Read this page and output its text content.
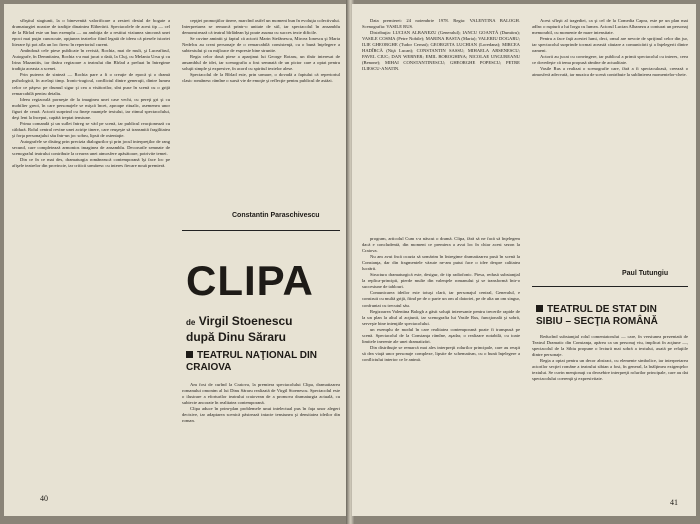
sfîrşitul stagiunii, la o binevenită valorificare a zestrei destul de bogate a dramaturgiei noastre de tradiţie dinaintea Eliberării. Spectacolele de acest tip — cel de la Bîrlad este un bun exemplu — au ambiţia de a restitui viziunea sincronă unei epoci mai puţin cunoscute, opţiunea teatrelor fiind legată de ideea că piesele istoriei literare îşi pot afla un loc firesc în repertoriul curent.

Amîndouă cele piese publicate în revistă, Rochia, mai de mult, şi Luceafărul, Autografe, în Demnitatea, Rochia s-a mai jucat o dată, la Cluj, cu Melania Ursu şi cu Irina Mazanitis, iar tînăra regizoare a teatrului din Bîrlad a preluat în întregime tradiţia aceasta a scenei.

Prin puterea de sinteză — Rochia pare a fi o creaţie de epocă şi o dramă psihologică, în acelaşi timp. Ironic-tragicul, conflictul dintre generaţii, dintre lumea celor ce păşesc pe drumul sigur şi cea a visătorilor, sînt puse în scenă cu o grijă remarcabilă pentru detaliu.

Ideea regizorală porneşte de la imaginea unei case vechi, cu pereţi gri şi cu mobilier greoi, în care personajele se mişcă încet, aproape ritualic, asemenea unor figuri de ceară. Actorii surprind cu fineţe nuanţele textului, iar ritmul spectacolului, deşi lent la început, capătă treptat tensiune.

Prima comandă şi un suflet întreg se văd pe scenă, iar publicul reacţionează cu căldură. Rolul central revine unei actriţe tinere, care reuşeşte să transmită fragilitatea şi forţa personajului său într-un joc sobru, lipsit de ostentaţie.

Autografele se disting prin precizia dialogurilor şi prin jocul interpreţilor de rang secund, care completează armonios imaginea de ansamblu. Decorurile semnate de scenograful teatrului contribuie la crearea unei atmosfere apăsătoare, potrivite temei.

Din ce în ce mai des, dramaturgia românească contemporană îşi face loc pe afişele teatrelor din provincie, iar criticii urmăresc cu interes fiecare nouă premieră.

cepţiei promoţiilor tinere, marcînd astfel un moment bun în evoluţia colectivului. Interpretarea se remarcă printr-o unitate de stil, iar spectacolul în ansamblu demonstrează că teatrul bîrlădean îşi poate asuma cu succes texte dificile.

Se cuvine amintit şi faptul că actorii Marin Stefănescu, Mircea Ionescu şi Maria Nedelcu au creat personaje de o remarcabilă consistenţă, cu o bună înţelegere a subtextului şi cu mijloace de expresie bine strunite.

Regia celor două piese a aparţinut lui George Rotaru, un tînăr interesat de ansamblul de idei, iar scenografia a fost semnată de un pictor care a optat pentru soluţii simple şi expresive, în acord cu spiritul textelor alese.

Spectacolul de la Bîrlad este, prin urmare, o dovadă a faptului că repertoriul clasic românesc rămîne o sursă vie de emoţie şi reflecţie pentru publicul de astăzi.

Constantin Paraschivescu
CLIPA
de Virgil Stoenescu
după Dinu Săraru
TEATRUL NAŢIONAL DIN CRAIOVA

Am fost de curînd la Craiova, la premiera spectacolului Clipa, dramatizarea romanului omonim al lui Dinu Săraru realizată de Virgil Stoenescu. Spectacolul este o ilustrare a eforturilor teatrului craiovean de a promova dramaturgia actuală, cu subiecte ancorate în realitatea contemporană.

Clipa aduce în prim-plan problemele unui intelectual pus în faţa unor alegeri decisive, iar adaptarea scenică păstrează intacte tensiunea şi densitatea ideilor din roman.

40

Data premierei: 24 noiembrie 1978. Regia: VALENTINA BALOGH. Scenografia: VASILE RUS.

Distribuţia: LUCIAN ALBANEZU (Generalul); IANCU GOANTĂ (Dumitru); VASILE COSMA (Petre Nobile); MARINA BASTA (Maria); VALERIU DOGARU; ILIE GHEORGHE (Tudor Cernat); GEORGETA LUCHIAN (Loredana); MIRCEA HADÎRCĂ (Niţă Lucan); CONSTANTIN SASSU; MIHAELA ARSENESCU; PAVEL CIUC; DAN WERNER; EMIL BOROGHINA; NICOLAE UNGUREANU (Benone); MIHAI CONSTANTINESCU; GHEORGHE POPESCU; PETRE ILIESCU-ANATIN.

program, articolul Cum s-a născut o dramă. Clipa, fără să ne facă să înţelegem dacă e concludentă, din moment ce premiera a avut loc în chiar acest sezon la Craiova.

Nu am avut încă ocazia să urmărim în întregime dramatizarea pusă în scenă la Constanţa, dar din fragmentele văzute ne-am putut face o idee despre calitatea lucrării.

Structura dramaturgică este, desigur, de tip radiofonic. Piesa, redusă substanţial la replica-principii, pierde multe din valenţele romanului şi se transformă într-o succesiune de tablouri.

Comunicarea ideilor este totuşi clară, iar personajul central, Generalul, e construit cu multă grijă, fiind pe de o parte un om al datoriei, pe de alta un om singur, confruntat cu trecutul său.

Regizoarea Valentina Balogh a găsit soluţii interesante pentru trecerile rapide de la un plan la altul al acţiunii, iar scenografia lui Vasile Rus, funcţională şi sobră, serveşte bine intenţiile spectacolului.

un exemplu de modul în care realitatea contemporană poate fi transpusă pe scenă. Spectacolul de la Constanţa rămîne, aşadar, o realizare notabilă, cu toate limitele inerente ale unei dramatizări.

Din distribuţie se remarcă mai ales interpreţii rolurilor principale, care au reuşit să dea viaţă unor personaje complexe, lipsite de schematism, cu o bună înţelegere a conflictului interior ce le animă.

Acest sfîrşit al tragediei, ca şi cel de la Comedia Capra, este pe un plan mai adînc o ruptură a lui Iorga cu lumea. Actorul Lucian Albanezu a conturat un personaj memorabil, cu momente de mare intensitate.

Pentru a face faţă acestei lumi, deci, omul are nevoie de sprijinul celor din jur, iar spectacolul surprinde tocmai această căutare a comunicării şi a înţelegerii dintre oameni.

Actorii au jucat cu convingere, iar publicul a primit spectacolul cu interes, ceea ce dovedeşte că tema propusă rămîne de actualitate.

Vasile Rus a realizat o scenografie care, fără a fi spectaculoasă, creează o atmosferă adecvată, iar muzica de scenă contribuie la sublinierea momentelor-cheie.

Paul Tutungiu
TEATRUL DE STAT DIN SIBIU – SECŢIA ROMÂNĂ

Reducînd substanţial rolul comentatorului — care, în versiunea prezentată de Teatrul Dramatic din Constanţa, apărea ca un personaj viu, implicat în acţiune —, spectacolul de la Sibiu propune o lectură mai sobră a textului, axată pe relaţiile dintre personaje.

Regia a optat pentru un decor abstract, cu elemente simbolice, iar interpretarea actorilor secţiei române a teatrului sibian a fost, în general, la înălţimea exigenţelor textului. Se cuvin menţionaţi cu deosebire interpreţii rolurilor principale, care au dat spectacolului coerenţă şi expresivitate.

41
